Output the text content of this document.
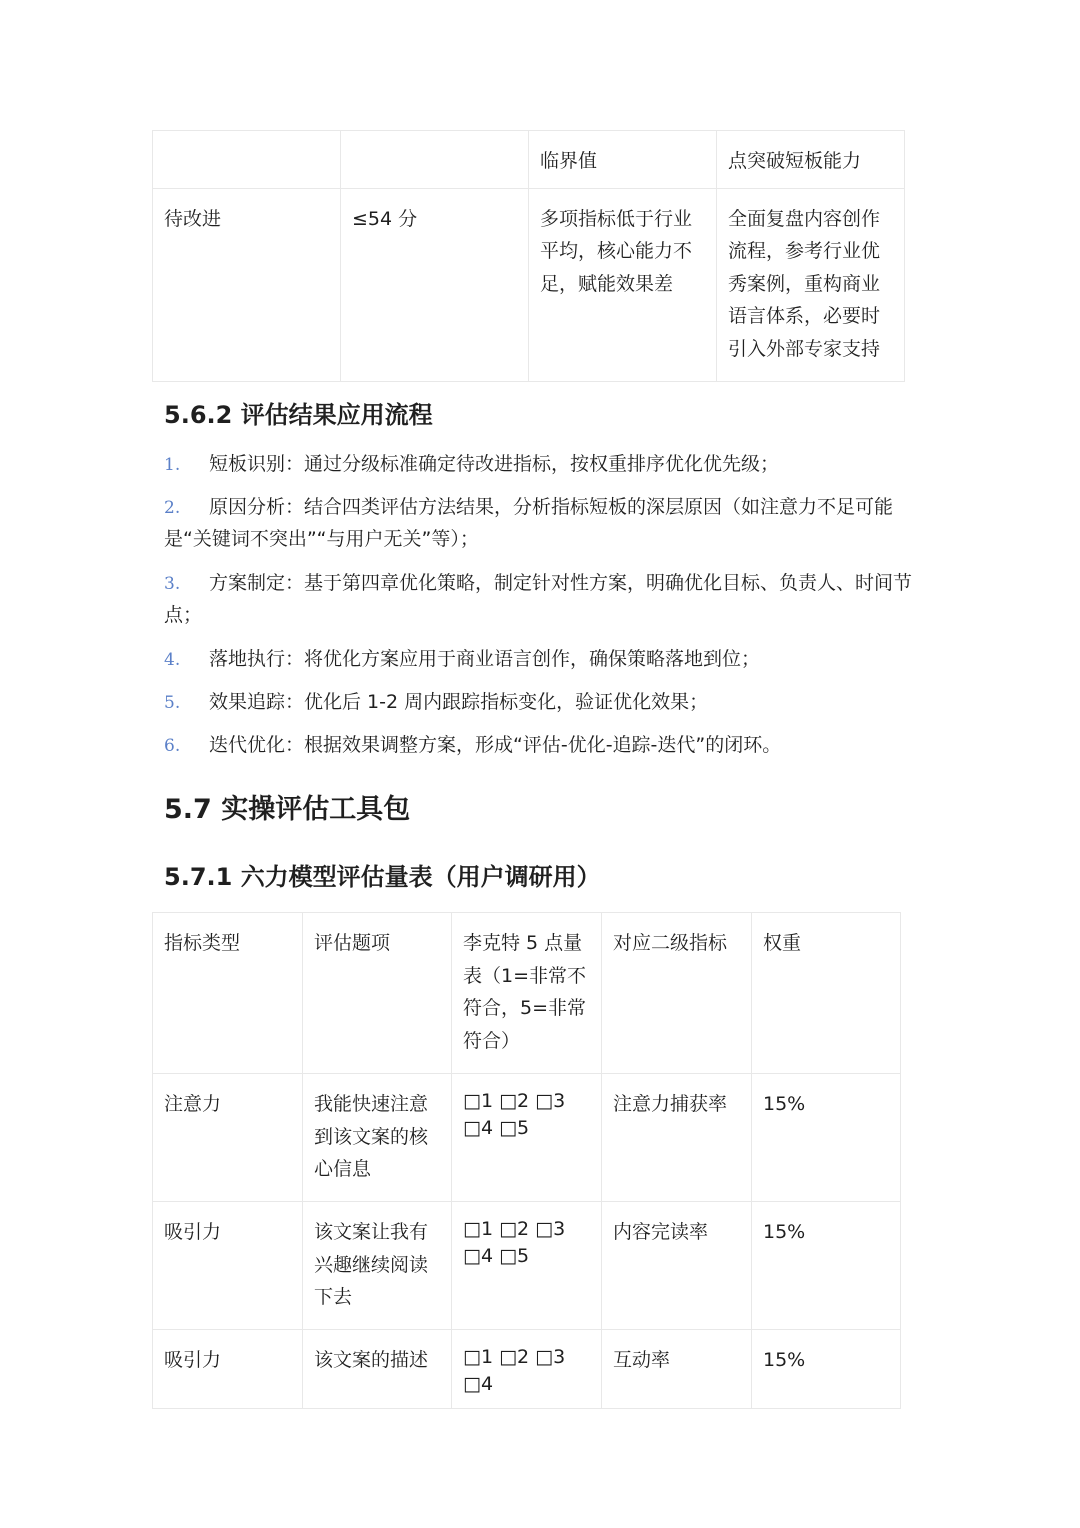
		临界值	点突破短板能力
待改进	≤54 分	多项指标低于行业平均，核心能力不足，赋能效果差	全面复盘内容创作流程，参考行业优秀案例，重构商业语言体系，必要时引入外部专家支持
5.6.2 评估结果应用流程
1. 短板识别：通过分级标准确定待改进指标，按权重排序优化优先级；
2. 原因分析：结合四类评估方法结果，分析指标短板的深层原因（如注意力不足可能是“关键词不突出”“与用户无关”等）；
3. 方案制定：基于第四章优化策略，制定针对性方案，明确优化目标、负责人、时间节点；
4. 落地执行：将优化方案应用于商业语言创作，确保策略落地到位；
5. 效果追踪：优化后 1-2 周内跟踪指标变化，验证优化效果；
6. 迭代优化：根据效果调整方案，形成“评估-优化-追踪-迭代”的闭环。
5.7 实操评估工具包
5.7.1 六力模型评估量表（用户调研用）
指标类型	评估题项	李克特 5 点量表（1=非常不符合，5=非常符合）	对应二级指标	权重
注意力	我能快速注意到该文案的核心信息	□1 □2 □3 □4 □5	注意力捕获率	15%
吸引力	该文案让我有兴趣继续阅读下去	□1 □2 □3 □4 □5	内容完读率	15%
吸引力	该文案的描述	□1 □2 □3 □4	互动率	15%
